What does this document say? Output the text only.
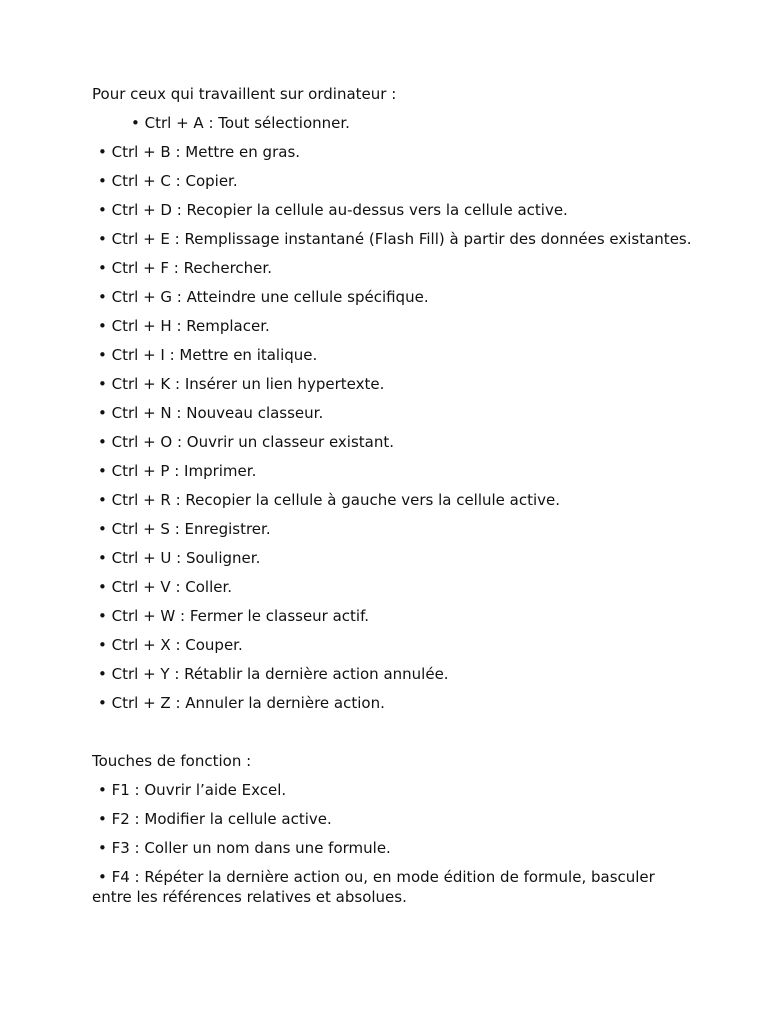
Pour ceux qui travaillent sur ordinateur :

• Ctrl + A : Tout sélectionner.

• Ctrl + B : Mettre en gras.

• Ctrl + C : Copier.

• Ctrl + D : Recopier la cellule au-dessus vers la cellule active.

• Ctrl + E : Remplissage instantané (Flash Fill) à partir des données existantes.

• Ctrl + F : Rechercher.

• Ctrl + G : Atteindre une cellule spécifique.

• Ctrl + H : Remplacer.

• Ctrl + I : Mettre en italique.

• Ctrl + K : Insérer un lien hypertexte.

• Ctrl + N : Nouveau classeur.

• Ctrl + O : Ouvrir un classeur existant.

• Ctrl + P : Imprimer.

• Ctrl + R : Recopier la cellule à gauche vers la cellule active.

• Ctrl + S : Enregistrer.

• Ctrl + U : Souligner.

• Ctrl + V : Coller.

• Ctrl + W : Fermer le classeur actif.

• Ctrl + X : Couper.

• Ctrl + Y : Rétablir la dernière action annulée.

• Ctrl + Z : Annuler la dernière action.

Touches de fonction :

• F1 : Ouvrir l’aide Excel.

• F2 : Modifier la cellule active.

• F3 : Coller un nom dans une formule.

• F4 : Répéter la dernière action ou, en mode édition de formule, basculer entre les références relatives et absolues.
